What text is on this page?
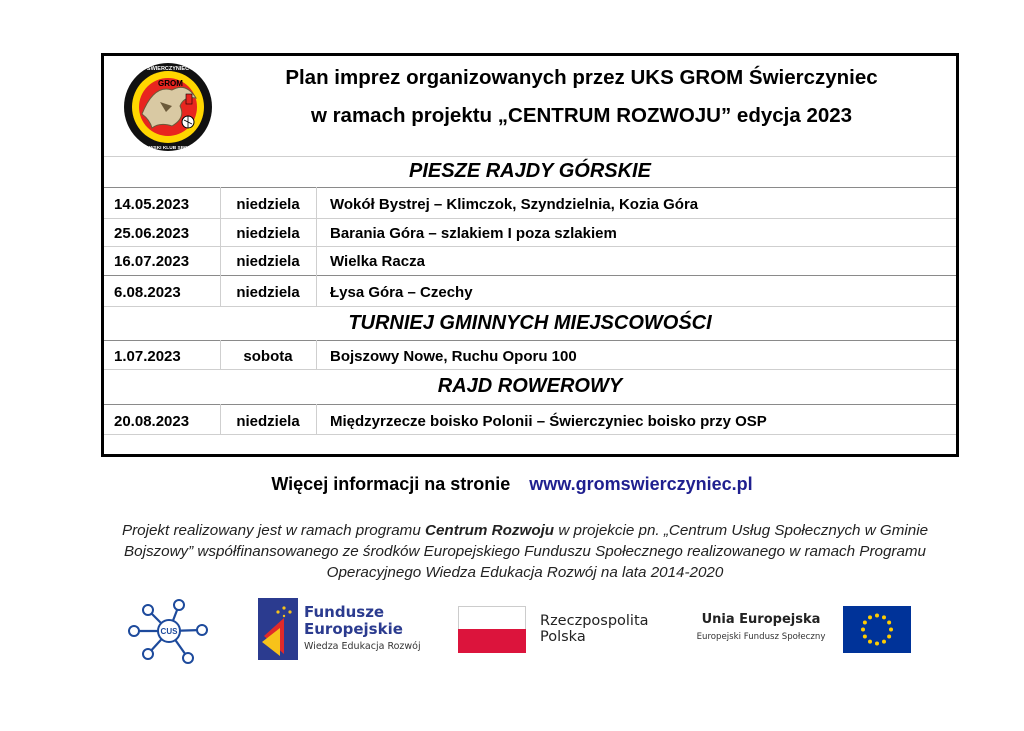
GROM
ŚWIERCZYNIEC
UCZNIOWSKI KLUB SPORTOWY
Plan imprez organizowanych przez UKS GROM Świerczyniec
w ramach projektu „CENTRUM ROZWOJU” edycja 2023
PIESZE RAJDY GÓRSKIE
14.05.2023	niedziela	Wokół Bystrej – Klimczok, Szyndzielnia, Kozia Góra
25.06.2023	niedziela	Barania Góra – szlakiem I poza szlakiem
16.07.2023	niedziela	Wielka Racza
6.08.2023	niedziela	Łysa Góra – Czechy
TURNIEJ GMINNYCH MIEJSCOWOŚCI
1.07.2023	sobota	Bojszowy Nowe, Ruchu Oporu 100
RAJD ROWEROWY
20.08.2023	niedziela	Międzyrzecze boisko Polonii – Świerczyniec boisko przy OSP
Więcej informacji na stronie www.gromswierczyniec.pl
Projekt realizowany jest w ramach programu Centrum Rozwoju w projekcie pn. „Centrum Usług Społecznych w Gminie Bojszowy” współfinansowanego ze środków Europejskiego Funduszu Społecznego realizowanego w ramach Programu Operacyjnego Wiedza Edukacja Rozwój na lata 2014-2020
CUS
Fundusze
Europejskie
Wiedza Edukacja Rozwój
Rzeczpospolita
Polska
Unia Europejska
Europejski Fundusz Społeczny
